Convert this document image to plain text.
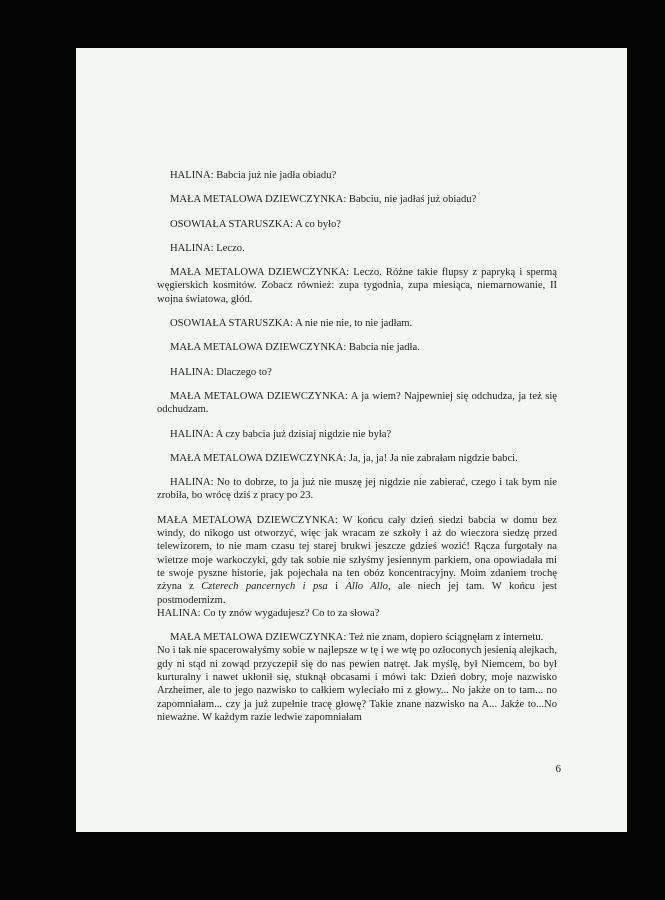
HALINA: Babcia już nie jadła obiadu?

MAŁA METALOWA DZIEWCZYNKA: Babciu, nie jadłaś już obiadu?

OSOWIAŁA STARUSZKA: A co było?

HALINA: Leczo.

MAŁA METALOWA DZIEWCZYNKA: Leczo. Różne takie flupsy z papryką i spermą węgierskich kosmitów. Zobacz również: zupa tygodnia, zupa miesiąca, niemarnowanie, II wojna światowa, głód.

OSOWIAŁA STARUSZKA: A nie nie nie, to nie jadłam.

MAŁA METALOWA DZIEWCZYNKA: Babcia nie jadła.

HALINA: Dlaczego to?

MAŁA METALOWA DZIEWCZYNKA: A ja wiem? Najpewniej się odchudza, ja też się odchudzam.

HALINA: A czy babcia już dzisiaj nigdzie nie była?

MAŁA METALOWA DZIEWCZYNKA: Ja, ja, ja! Ja nie zabrałam nigdzie babci.

HALINA: No to dobrze, to ja już nie muszę jej nigdzie nie zabierać, czego i tak bym nie zrobiła, bo wrócę dziś z pracy po 23.

MAŁA METALOWA DZIEWCZYNKA: W końcu cały dzień siedzi babcia w domu bez windy, do nikogo ust otworzyć, więc jak wracam ze szkoły i aż do wieczora siedzę przed telewizorem, to nie mam czasu tej starej brukwi jeszcze gdzieś wozić! Rącza furgotały na wietrze moje warkoczyki, gdy tak sobie nie szłyśmy jesiennym parkiem, ona opowiadała mi te swoje pyszne historie, jak pojechała na ten obóz koncentracyjny. Moim zdaniem trochę zżyna z Czterech pancernych i psa i Allo Allo, ale niech jej tam. W końcu jest postmodernizm.

HALINA: Co ty znów wygadujesz? Co to za słowa?

MAŁA METALOWA DZIEWCZYNKA: Też nie znam, dopiero ściągnęłam z internetu.

No i tak nie spacerowałyśmy sobie w najlepsze w tę i we wtę po ozłoconych jesienią alejkach, gdy ni stąd ni zowąd przyczepił się do nas pewien natręt. Jak myślę, był Niemcem, bo był kurturalny i nawet ukłonił się, stuknął obcasami i mówi tak: Dzień dobry, moje nazwisko Arzheimer, ale to jego nazwisko to całkiem wyleciało mi z głowy... No jakże on to tam... no zapomniałam... czy ja już zupełnie tracę głowę? Takie znane nazwisko na A... Jakże to...No nieważne. W każdym razie ledwie zapomniałam

6
